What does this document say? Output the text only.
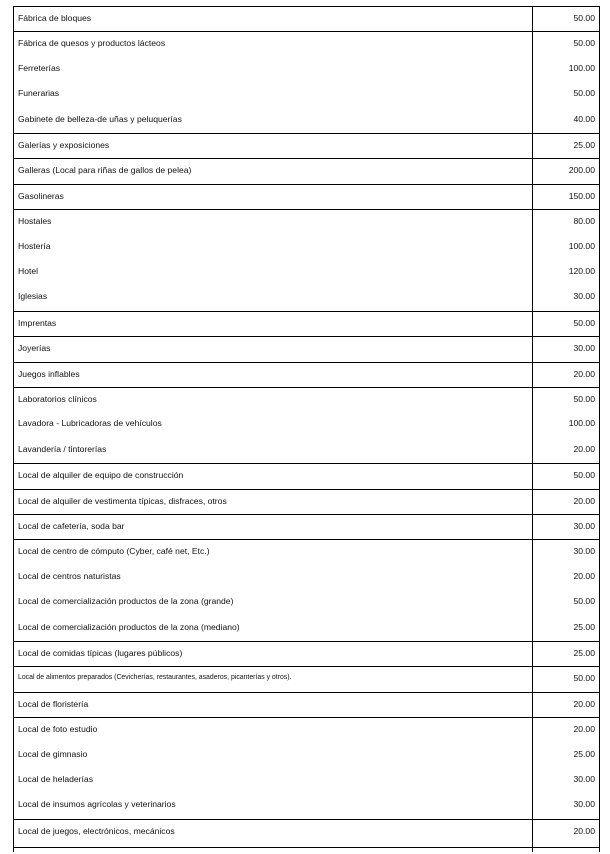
Fábrica de bloques	50.00
Fábrica de quesos y productos lácteos	50.00
Ferreterías	100.00
Funerarias	50.00
Gabinete de belleza-de uñas y peluquerías	40.00
Galerías y exposiciones	25.00
Galleras (Local para riñas de gallos de pelea)	200.00
Gasolineras	150.00
Hostales	80.00
Hostería	100.00
Hotel	120.00
Iglesias	30.00
Imprentas	50.00
Joyerías	30.00
Juegos inflables	20.00
Laboratorios clínicos	50.00
Lavadora - Lubricadoras de vehículos	100.00
Lavandería / tintorerías	20.00
Local de alquiler de equipo de construcción	50.00
Local de alquiler de vestimenta típicas, disfraces, otros	20.00
Local de cafetería, soda bar	30.00
Local de centro de cómputo (Cyber, café net, Etc.)	30.00
Local de centros naturistas	20.00
Local de comercialización productos de la zona (grande)	50.00
Local de comercialización productos de la zona (mediano)	25.00
Local de comidas típicas (lugares públicos)	25.00
Local de alimentos preparados (Cevicherías, restaurantes, asaderos, picanterías y otros).	50.00
Local de floristería	20.00
Local de foto estudio	20.00
Local de gimnasio	25.00
Local de heladerías	30.00
Local de insumos agrícolas y veterinarios	30.00
Local de juegos, electrónicos, mecánicos	20.00
